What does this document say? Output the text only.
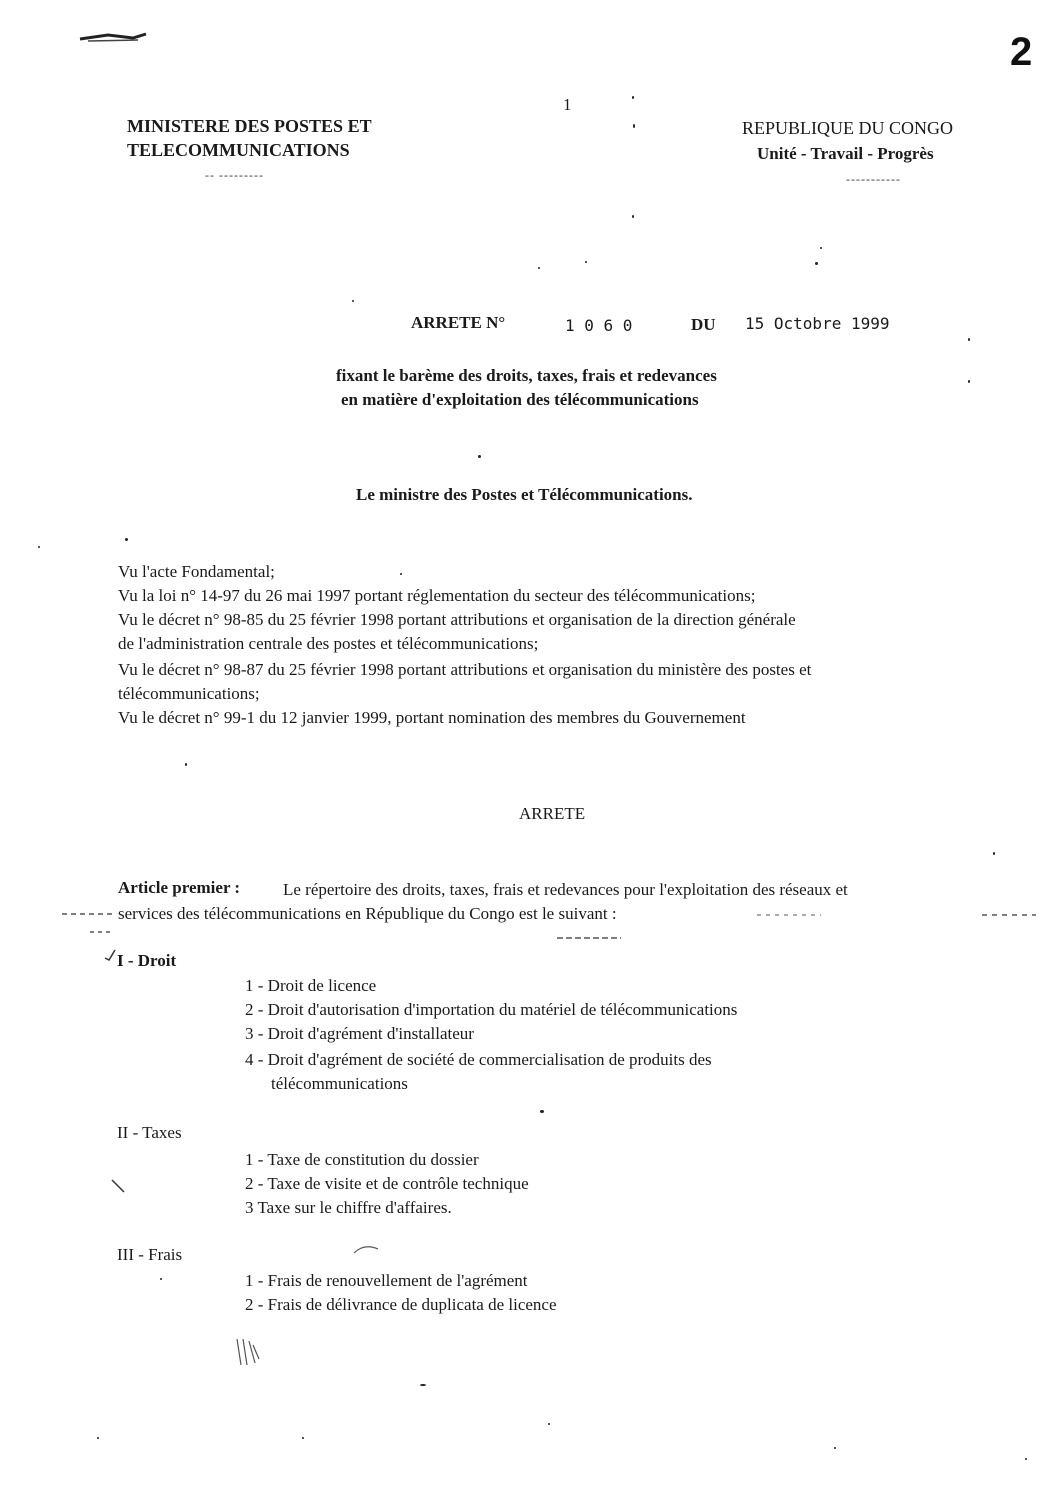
2
1
MINISTERE DES POSTES ET
TELECOMMUNICATIONS
-- ---------
REPUBLIQUE DU CONGO
Unité - Travail - Progrès
-----------
ARRETE N°	1 0 6 0	DU 15 Octobre 1999
fixant le barème des droits, taxes, frais et redevances
en matière d'exploitation des télécommunications
Le ministre des Postes et Télécommunications.
Vu l'acte Fondamental;
Vu la loi n° 14-97 du 26 mai 1997 portant réglementation du secteur des télécommunications;
Vu le décret n° 98-85 du 25 février 1998 portant attributions et organisation de la direction générale
de l'administration centrale des postes et télécommunications;
Vu le décret n° 98-87 du 25 février 1998 portant attributions et organisation du ministère des postes et
télécommunications;
Vu le décret n° 99-1 du 12 janvier 1999, portant nomination des membres du Gouvernement
ARRETE
Article premier :	Le répertoire des droits, taxes, frais et redevances pour l'exploitation des réseaux et
services des télécommunications en République du Congo est le suivant :
I - Droit
1 - Droit de licence
2 - Droit d'autorisation d'importation du matériel de télécommunications
3 - Droit d'agrément d'installateur
4 - Droit d'agrément de société de commercialisation de produits des
télécommunications
II - Taxes
1 - Taxe de constitution du dossier
2 - Taxe de visite et de contrôle technique
3 Taxe sur le chiffre d'affaires.
III - Frais
1 - Frais de renouvellement de l'agrément
2 - Frais de délivrance de duplicata de licence
